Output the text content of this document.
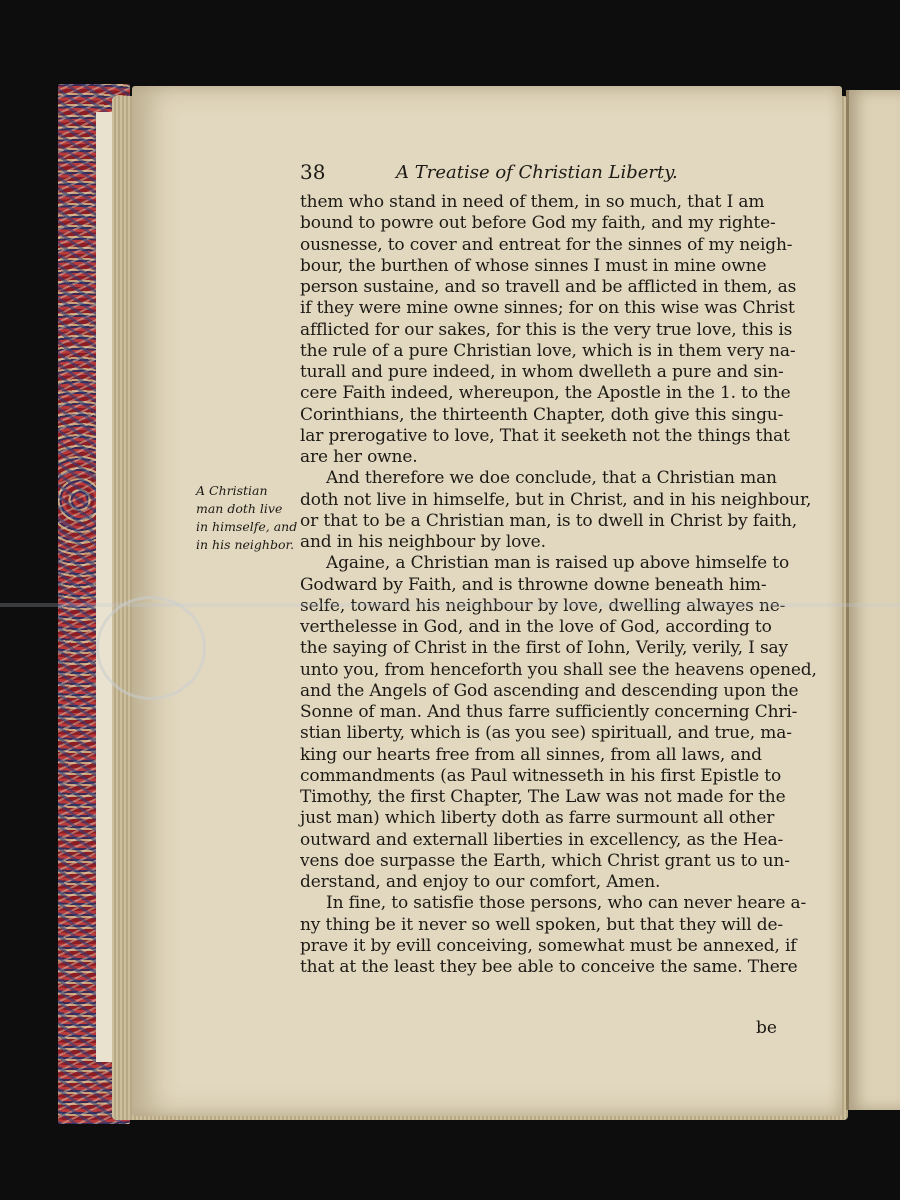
38	A Treatise of Christian Liberty.
A Christian
man doth live
in himselfe, and
in his neighbor.
them who stand in need of them, in so much, that I am
bound to powre out before God my faith, and my righte-
ousnesse, to cover and entreat for the sinnes of my neigh-
bour, the burthen of whose sinnes I must in mine owne
person sustaine, and so travell and be afflicted in them, as
if they were mine owne sinnes; for on this wise was Christ
afflicted for our sakes, for this is the very true love, this is
the rule of a pure Christian love, which is in them very na-
turall and pure indeed, in whom dwelleth a pure and sin-
cere Faith indeed, whereupon, the Apostle in the 1. to the
Corinthians, the thirteenth Chapter, doth give this singu-
lar prerogative to love, That it seeketh not the things that
are her owne.
And therefore we doe conclude, that a Christian man
doth not live in himselfe, but in Christ, and in his neighbour,
or that to be a Christian man, is to dwell in Christ by faith,
and in his neighbour by love.
Againe, a Christian man is raised up above himselfe to
Godward by Faith, and is throwne downe beneath him-
selfe, toward his neighbour by love, dwelling alwayes ne-
verthelesse in God, and in the love of God, according to
the saying of Christ in the first of Iohn, Verily, verily, I say
unto you, from henceforth you shall see the heavens opened,
and the Angels of God ascending and descending upon the
Sonne of man. And thus farre sufficiently concerning Chri-
stian liberty, which is (as you see) spirituall, and true, ma-
king our hearts free from all sinnes, from all laws, and
commandments (as Paul witnesseth in his first Epistle to
Timothy, the first Chapter, The Law was not made for the
just man) which liberty doth as farre surmount all other
outward and externall liberties in excellency, as the Hea-
vens doe surpasse the Earth, which Christ grant us to un-
derstand, and enjoy to our comfort, Amen.
In fine, to satisfie those persons, who can never heare a-
ny thing be it never so well spoken, but that they will de-
prave it by evill conceiving, somewhat must be annexed, if
that at the least they bee able to conceive the same. There
be
